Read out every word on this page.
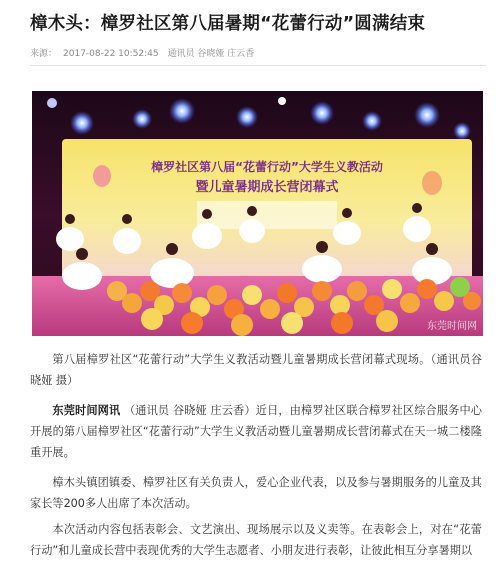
樟木头：樟罗社区第八届暑期“花蕾行动”圆满结束
来源： 2017-08-22 10:52:45 通讯员 谷晓娅 庄云香
樟罗社区第八届“花蕾行动”大学生义教活动
暨儿童暑期成长营闭幕式
东莞时间网
第八届樟罗社区“花蕾行动”大学生义教活动暨儿童暑期成长营闭幕式现场。（通讯员谷晓娅 摄）
东莞时间网讯 （通讯员 谷晓娅 庄云香）近日，由樟罗社区联合樟罗社区综合服务中心开展的第八届樟罗社区“花蕾行动”大学生义教活动暨儿童暑期成长营闭幕式在天一城二楼隆重开展。
樟木头镇团镇委、樟罗社区有关负责人，爱心企业代表，以及参与暑期服务的儿童及其家长等200多人出席了本次活动。
本次活动内容包括表彰会、文艺演出、现场展示以及义卖等。在表彰会上，对在“花蕾行动”和儿童成长营中表现优秀的大学生志愿者、小朋友进行表彰，让彼此相互分享暑期以
